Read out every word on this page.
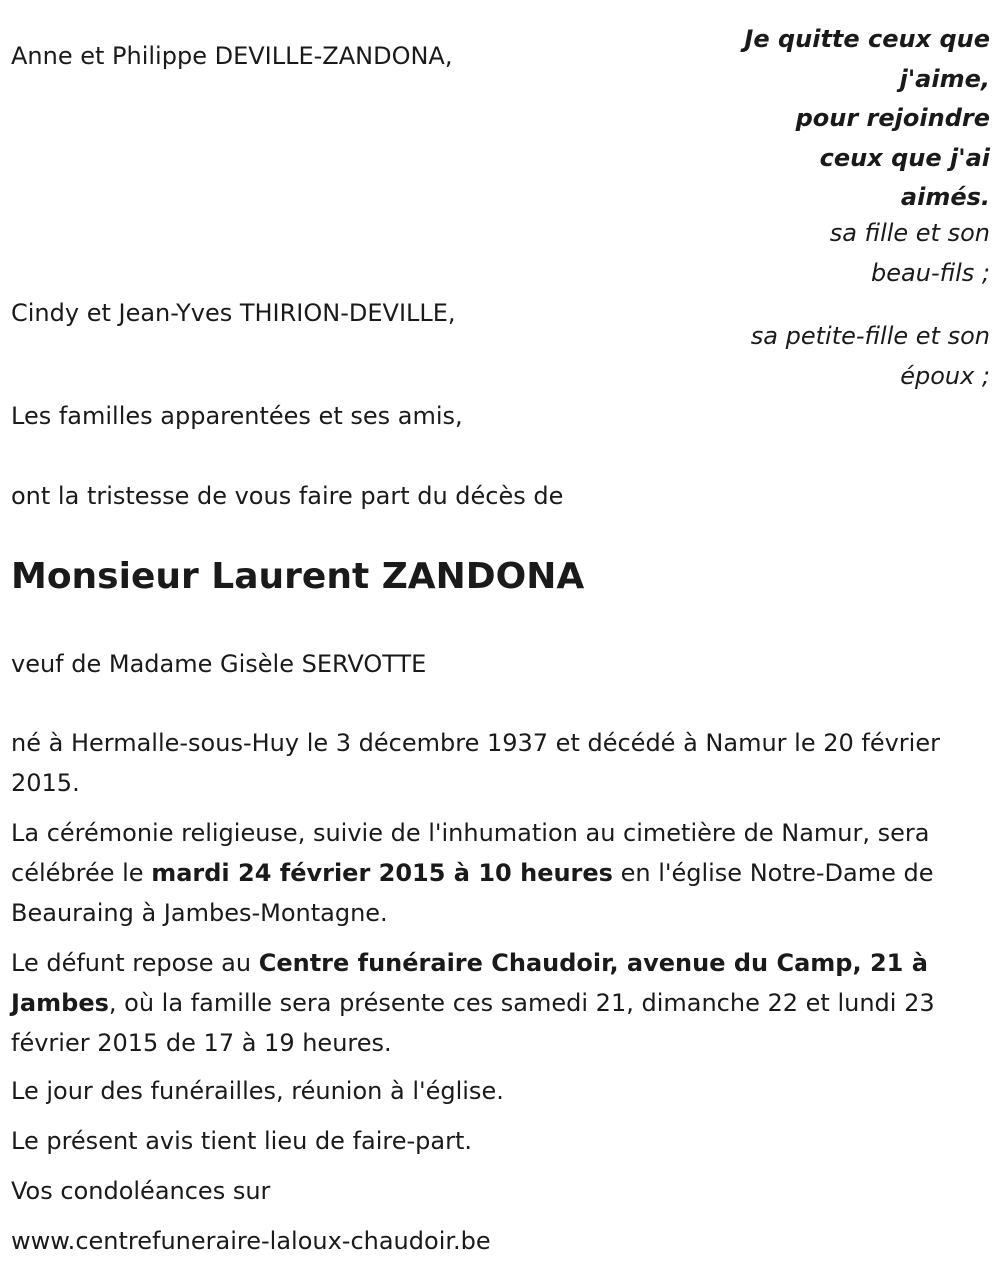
Je quitte ceux que
j'aime,
pour rejoindre
ceux que j'ai
aimés.
sa fille et son
beau-fils ;
sa petite-fille et son
époux ;

Anne et Philippe DEVILLE-ZANDONA,

Cindy et Jean-Yves THIRION-DEVILLE,

Les familles apparentées et ses amis,

ont la tristesse de vous faire part du décès de

Monsieur Laurent ZANDONA

veuf de Madame Gisèle SERVOTTE

né à Hermalle-sous-Huy le 3 décembre 1937 et décédé à Namur le 20 février 2015.

La cérémonie religieuse, suivie de l'inhumation au cimetière de Namur, sera célébrée le mardi 24 février 2015 à 10 heures en l'église Notre-Dame de Beauraing à Jambes-Montagne.

Le défunt repose au Centre funéraire Chaudoir, avenue du Camp, 21 à Jambes, où la famille sera présente ces samedi 21, dimanche 22 et lundi 23 février 2015 de 17 à 19 heures.

Le jour des funérailles, réunion à l'église.

Le présent avis tient lieu de faire-part.

Vos condoléances sur

www.centrefuneraire-laloux-chaudoir.be
